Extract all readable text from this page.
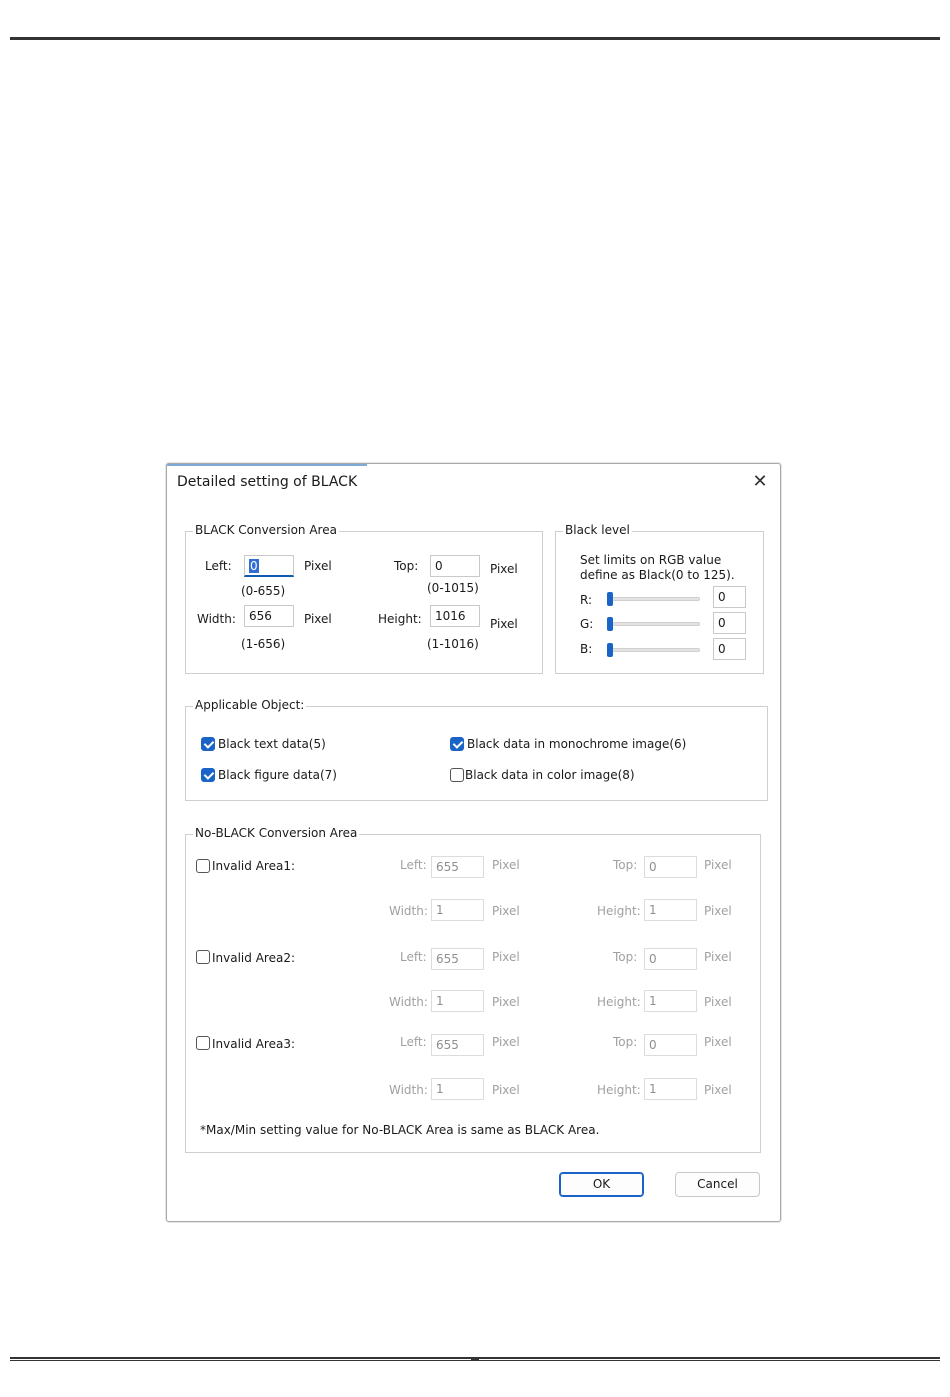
Detailed setting of BLACK	✕
BLACK Conversion Area
Left:	0	Pixel
(0-655)
Top:	0	Pixel
(0-1015)
Width:	656	Pixel
(1-656)
Height:	1016
Pixel
(1-1016)
Black level
Set limits on RGB value
define as Black(0 to 125).
R:	0
G:	0
B:	0
Applicable Object:
Black text data(5)	Black data in monochrome image(6)
Black figure data(7)	Black data in color image(8)
No-BLACK Conversion Area
Invalid Area1:	Left: 655	Pixel	Top: 0	Pixel
Width: 1	Pixel	Height: 1	Pixel
Invalid Area2:	Left: 655	Pixel	Top: 0	Pixel
Width: 1	Pixel	Height: 1	Pixel
Invalid Area3:	Left: 655	Pixel	Top: 0	Pixel
Width: 1	Pixel	Height: 1	Pixel
*Max/Min setting value for No-BLACK Area is same as BLACK Area.
OK	Cancel
